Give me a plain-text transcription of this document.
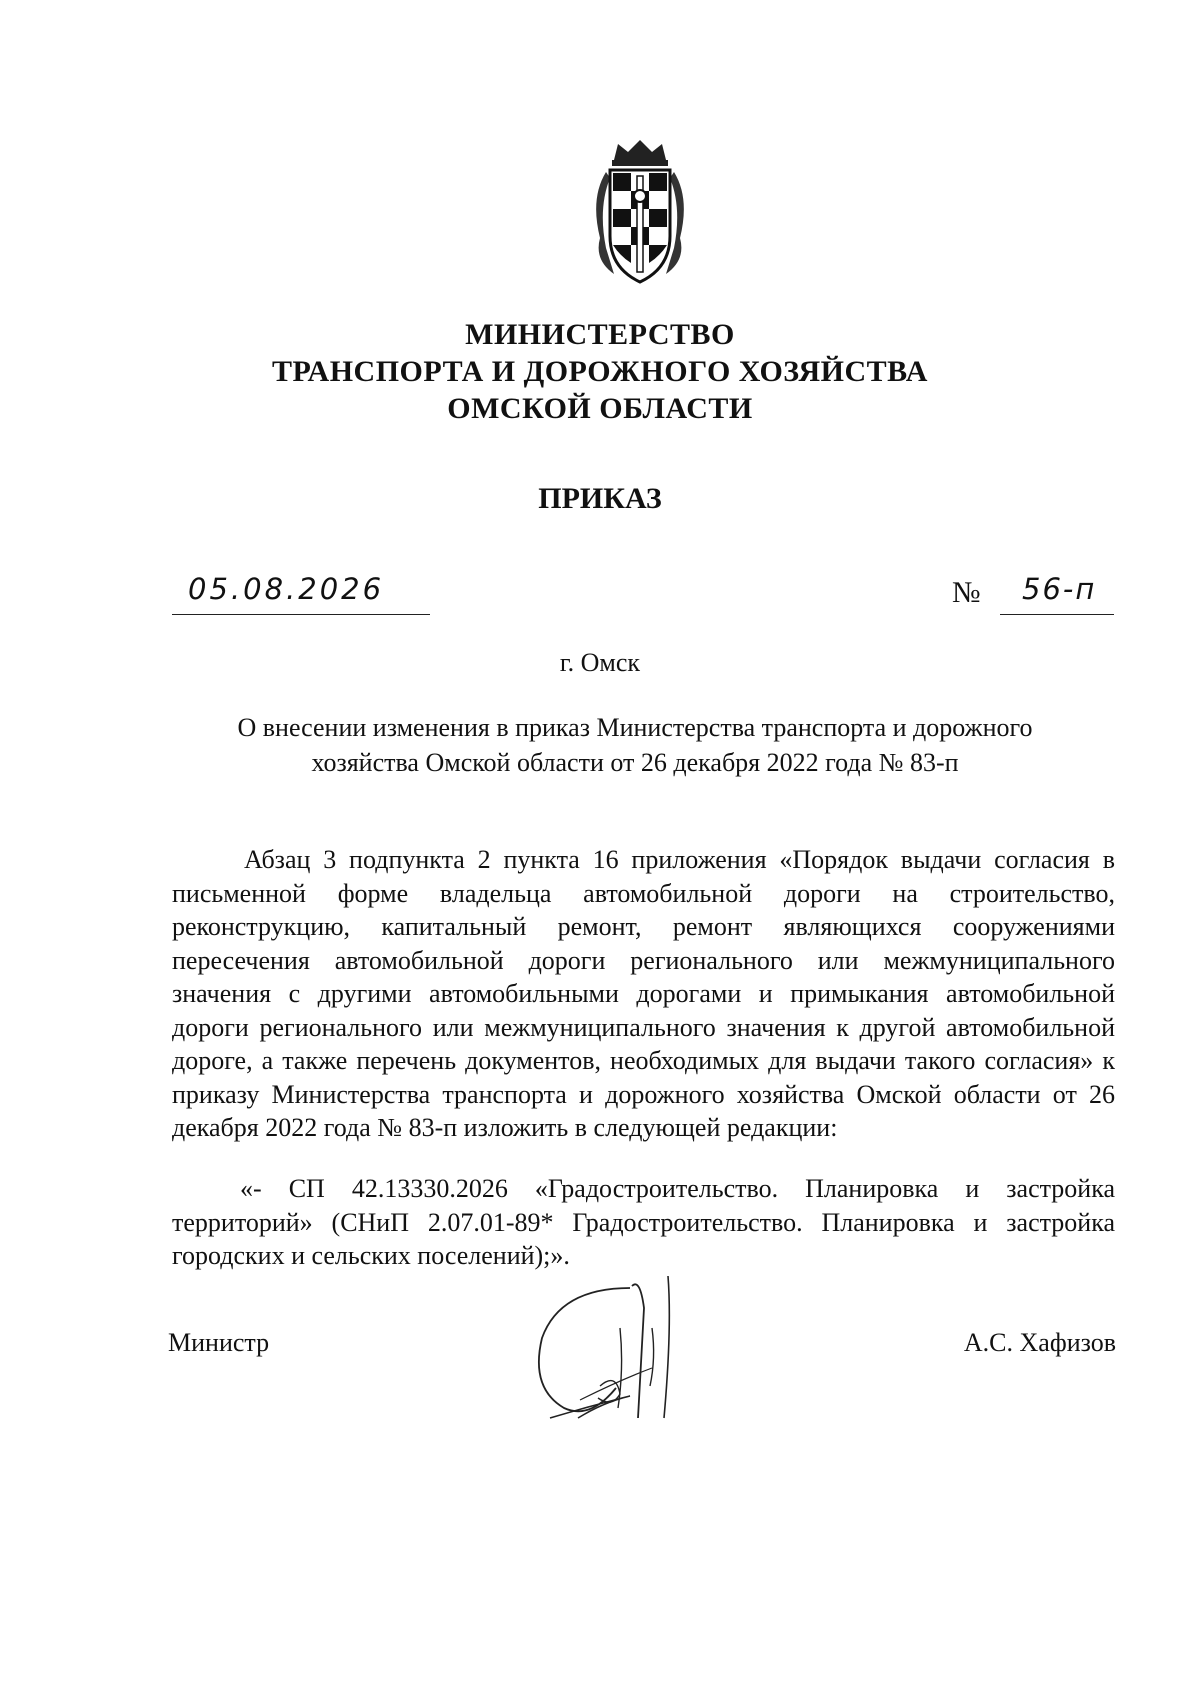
МИНИСТЕРСТВО
ТРАНСПОРТА И ДОРОЖНОГО ХОЗЯЙСТВА
ОМСКОЙ ОБЛАСТИ
ПРИКАЗ
05.08.2026	№ 56-п
г. Омск
О внесении изменения в приказ Министерства транспорта и дорожного
хозяйства Омской области от 26 декабря 2022 года № 83-п
Абзац 3 подпункта 2 пункта 16 приложения «Порядок выдачи согласия в письменной форме владельца автомобильной дороги на строительство, реконструкцию, капитальный ремонт, ремонт являющихся сооружениями пересечения автомобильной дороги регионального или межмуниципального значения с другими автомобильными дорогами и примыкания автомобильной дороги регионального или межмуниципального значения к другой автомобильной дороге, а также перечень документов, необходимых для выдачи такого согласия» к приказу Министерства транспорта и дорожного хозяйства Омской области от 26 декабря 2022 года № 83-п изложить в следующей редакции:
«- СП 42.13330.2026 «Градостроительство. Планировка и застройка территорий» (СНиП 2.07.01-89* Градостроительство. Планировка и застройка городских и сельских поселений);».
Министр	А.С. Хафизов
